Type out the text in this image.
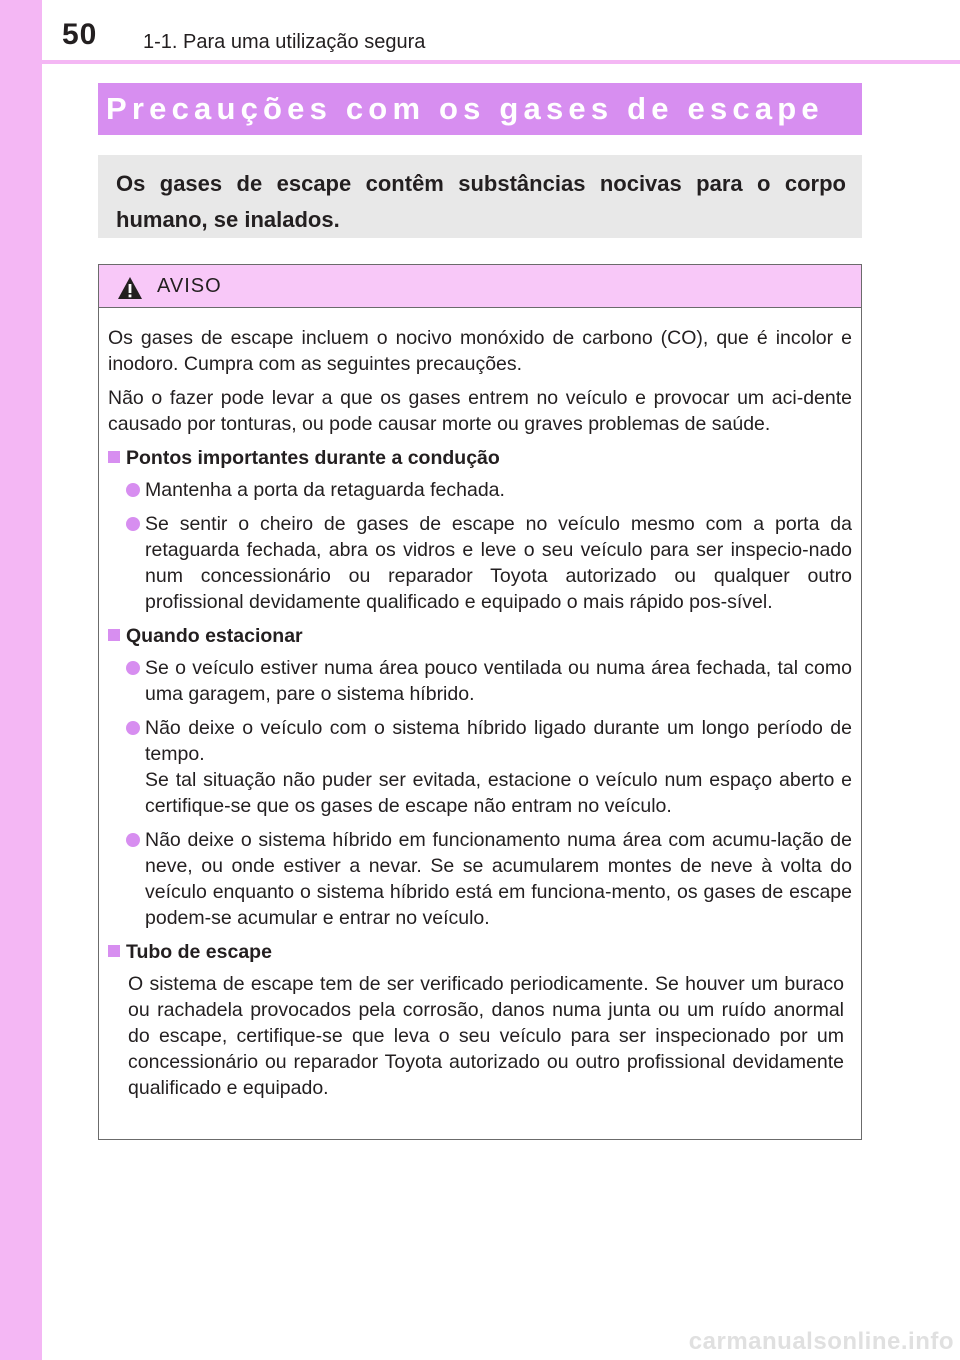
50 1-1. Para uma utilização segura
Precauções com os gases de escape

Os gases de escape contêm substâncias nocivas para o corpo humano, se inalados.

AVISO

Os gases de escape incluem o nocivo monóxido de carbono (CO), que é incolor e inodoro. Cumpra com as seguintes precauções.

Não o fazer pode levar a que os gases entrem no veículo e provocar um aci-dente causado por tonturas, ou pode causar morte ou graves problemas de saúde.

Pontos importantes durante a condução
Mantenha a porta da retaguarda fechada.
Se sentir o cheiro de gases de escape no veículo mesmo com a porta da retaguarda fechada, abra os vidros e leve o seu veículo para ser inspecio-nado num concessionário ou reparador Toyota autorizado ou qualquer outro profissional devidamente qualificado e equipado o mais rápido pos-sível.
Quando estacionar
Se o veículo estiver numa área pouco ventilada ou numa área fechada, tal como uma garagem, pare o sistema híbrido.
Não deixe o veículo com o sistema híbrido ligado durante um longo período de tempo.
Se tal situação não puder ser evitada, estacione o veículo num espaço aberto e certifique-se que os gases de escape não entram no veículo.
Não deixe o sistema híbrido em funcionamento numa área com acumu-lação de neve, ou onde estiver a nevar. Se se acumularem montes de neve à volta do veículo enquanto o sistema híbrido está em funciona-mento, os gases de escape podem-se acumular e entrar no veículo.
Tubo de escape

O sistema de escape tem de ser verificado periodicamente. Se houver um buraco ou rachadela provocados pela corrosão, danos numa junta ou um ruído anormal do escape, certifique-se que leva o seu veículo para ser inspecionado por um concessionário ou reparador Toyota autorizado ou outro profissional devidamente qualificado e equipado.

carmanualsonline.info
